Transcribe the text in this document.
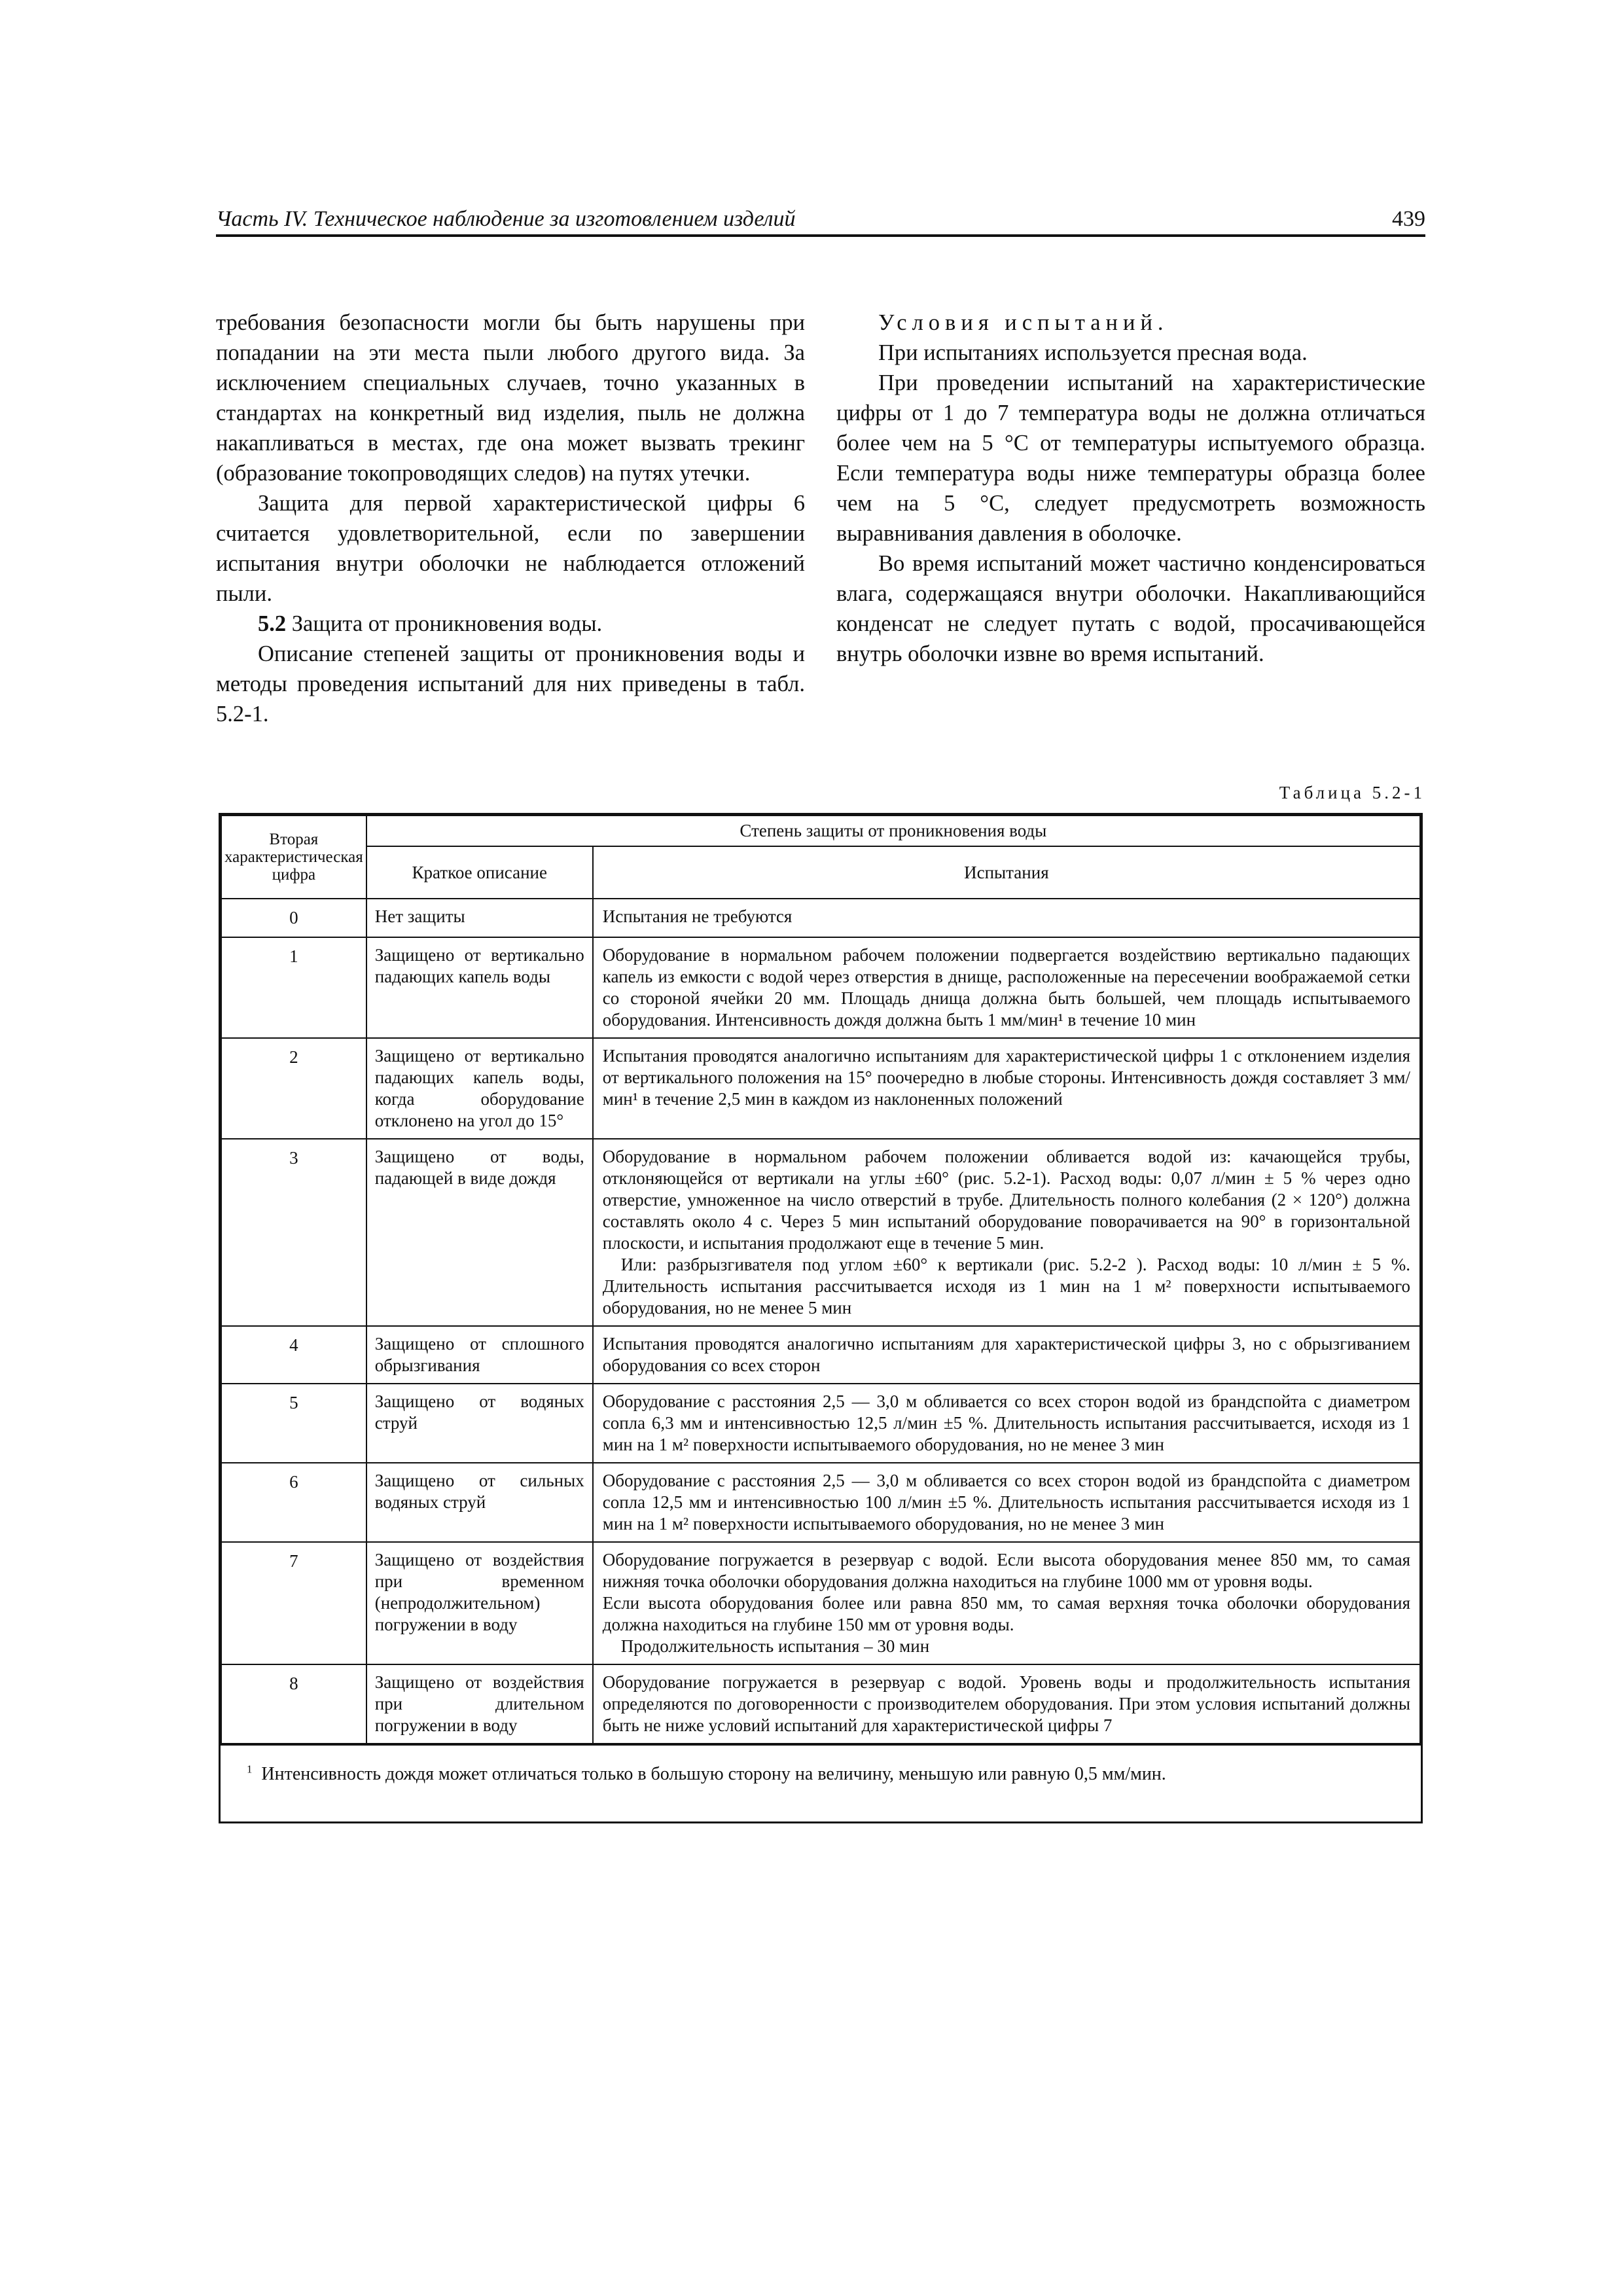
Часть IV. Техническое наблюдение за изготовлением изделий	439

требования безопасности могли бы быть нарушены при попадании на эти места пыли любого другого вида. За исключением специальных случаев, точно указанных в стандартах на конкретный вид изделия, пыль не должна накапливаться в местах, где она может вызвать трекинг (образование токопроводящих следов) на путях утечки.

Защита для первой характеристической цифры 6 считается удовлетворительной, если по завершении испытания внутри оболочки не наблюдается отложений пыли.

5.2 Защита от проникновения воды.

Описание степеней защиты от проникновения воды и методы проведения испытаний для них приведены в табл. 5.2-1.

Условия испытаний.

При испытаниях используется пресная вода.

При проведении испытаний на характеристические цифры от 1 до 7 температура воды не должна отличаться более чем на 5 °С от температуры испытуемого образца. Если температура воды ниже температуры образца более чем на 5 °С, следует предусмотреть возможность выравнивания давления в оболочке.

Во время испытаний может частично конденсироваться влага, содержащаяся внутри оболочки. Накапливающийся конденсат не следует путать с водой, просачивающейся внутрь оболочки извне во время испытаний.

Таблица 5.2-1
Вторая характеристическая цифра	Степень защиты от проникновения воды	
	Краткое описание	Испытания
0	Нет защиты	Испытания не требуются
1	Защищено от вертикально падающих капель воды	Оборудование в нормальном рабочем положении подвергается воздействию вертикально падающих капель из емкости с водой через отверстия в днище, расположенные на пересечении воображаемой сетки со стороной ячейки 20 мм. Площадь днища должна быть большей, чем площадь испытываемого оборудования. Интенсивность дождя должна быть 1 мм/мин¹ в течение 10 мин
2	Защищено от вертикально падающих капель воды, когда оборудование отклонено на угол до 15°	Испытания проводятся аналогично испытаниям для характеристической цифры 1 с отклонением изделия от вертикального положения на 15° поочередно в любые стороны. Интенсивность дождя составляет 3 мм/мин¹ в течение 2,5 мин в каждом из наклоненных положений
3	Защищено от воды, падающей в виде дождя	Оборудование в нормальном рабочем положении обливается водой из: качающейся трубы, отклоняющейся от вертикали на углы ±60° (рис. 5.2-1). Расход воды: 0,07 л/мин ± 5 % через одно отверстие, умноженное на число отверстий в трубе. Длительность полного колебания (2 × 120°) должна составлять около 4 с. Через 5 мин испытаний оборудование поворачивается на 90° в горизонтальной плоскости, и испытания продолжают еще в течение 5 мин.
Или: разбрызгивателя под углом ±60° к вертикали (рис. 5.2-2 ). Расход воды: 10 л/мин ± 5 %. Длительность испытания рассчитывается исходя из 1 мин на 1 м² поверхности испытываемого оборудования, но не менее 5 мин

4	Защищено от сплошного обрызгивания	Испытания проводятся аналогично испытаниям для характеристической цифры 3, но с обрызгиванием оборудования со всех сторон
5	Защищено от водяных струй	Оборудование с расстояния 2,5 — 3,0 м обливается со всех сторон водой из брандспойта с диаметром сопла 6,3 мм и интенсивностью 12,5 л/мин ±5 %. Длительность испытания рассчитывается, исходя из 1 мин на 1 м² поверхности испытываемого оборудования, но не менее 3 мин
6	Защищено от сильных водяных струй	Оборудование с расстояния 2,5 — 3,0 м обливается со всех сторон водой из брандспойта с диаметром сопла 12,5 мм и интенсивностью 100 л/мин ±5 %. Длительность испытания рассчитывается исходя из 1 мин на 1 м² поверхности испытываемого оборудования, но не менее 3 мин
7	Защищено от воздействия при временном (непродолжительном) погружении в воду	Оборудование погружается в резервуар с водой. Если высота оборудования менее 850 мм, то самая нижняя точка оболочки оборудования должна находиться на глубине 1000 мм от уровня воды.
Если высота оборудования более или равна 850 мм, то самая верхняя точка оболочки оборудования должна находиться на глубине 150 мм от уровня воды.
Продолжительность испытания – 30 мин

8	Защищено от воздействия при длительном погружении в воду	Оборудование погружается в резервуар с водой. Уровень воды и продолжительность испытания определяются по договоренности с производителем оборудования. При этом условия испытаний должны быть не ниже условий испытаний для характеристической цифры 7
$^1$ Интенсивность дождя может отличаться только в большую сторону на величину, меньшую или равную 0,5 мм/мин.
